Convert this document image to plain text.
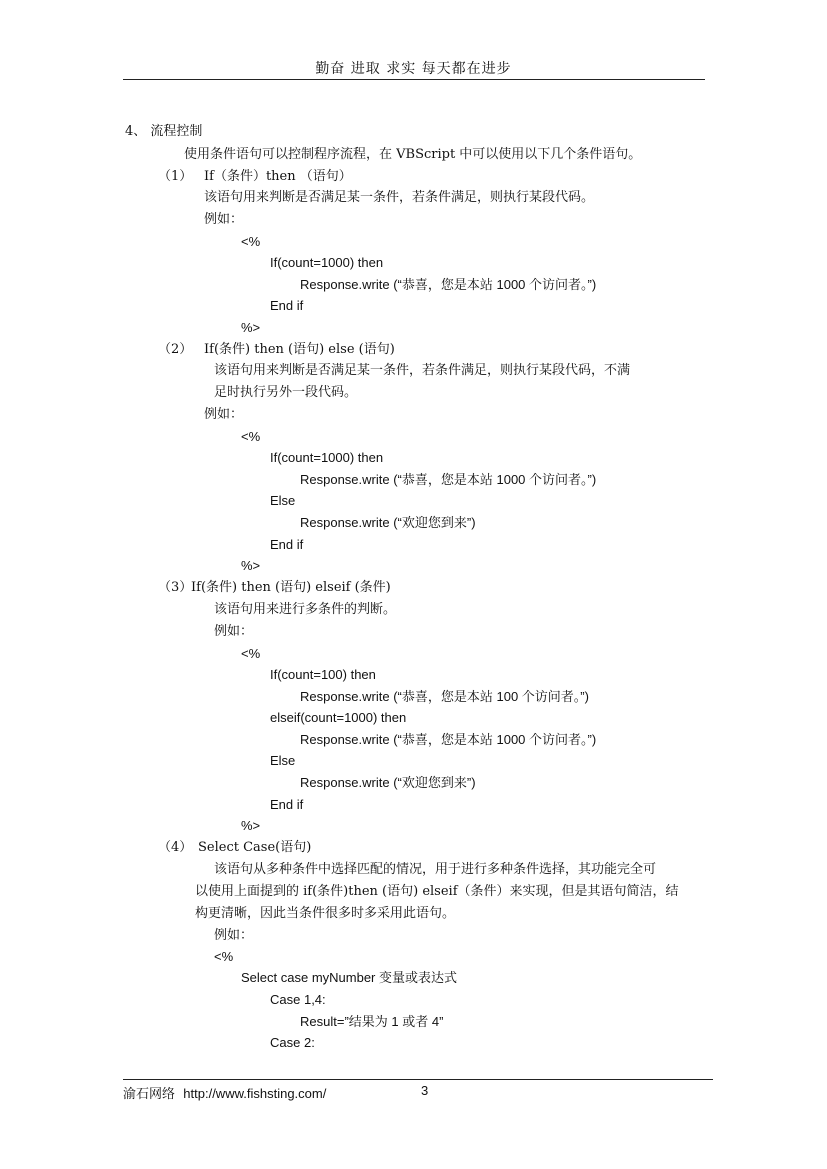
勤奋 进取 求实 每天都在进步
4、 流程控制
使用条件语句可以控制程序流程，在 VBScript 中可以使用以下几个条件语句。
（1） If（条件）then （语句）
该语句用来判断是否满足某一条件，若条件满足，则执行某段代码。
例如：
<%
If(count=1000) then
Response.write (“恭喜，您是本站 1000 个访问者。”)
End if
%>
（2） If(条件) then (语句) else (语句)
该语句用来判断是否满足某一条件，若条件满足，则执行某段代码，不满
足时执行另外一段代码。
例如：
<%
If(count=1000) then
Response.write (“恭喜，您是本站 1000 个访问者。”)
Else
Response.write (“欢迎您到来”)
End if
%>
（3）
If(条件) then (语句) elseif (条件)
该语句用来进行多条件的判断。
例如：
<%
If(count=100) then
Response.write (“恭喜，您是本站 100 个访问者。”)
elseif(count=1000) then
Response.write (“恭喜，您是本站 1000 个访问者。”)
Else
Response.write (“欢迎您到来”)
End if
%>
（4） Select Case(语句)
该语句从多种条件中选择匹配的情况，用于进行多种条件选择，其功能完全可
以使用上面提到的 if(条件)then (语句) elseif（条件）来实现，但是其语句简洁，结
构更清晰，因此当条件很多时多采用此语句。
例如：
<%
Select case myNumber 变量或表达式
Case 1,4:
Result=”结果为 1 或者 4”
Case 2:
渝石网络 http://www.fishsting.com/	3
